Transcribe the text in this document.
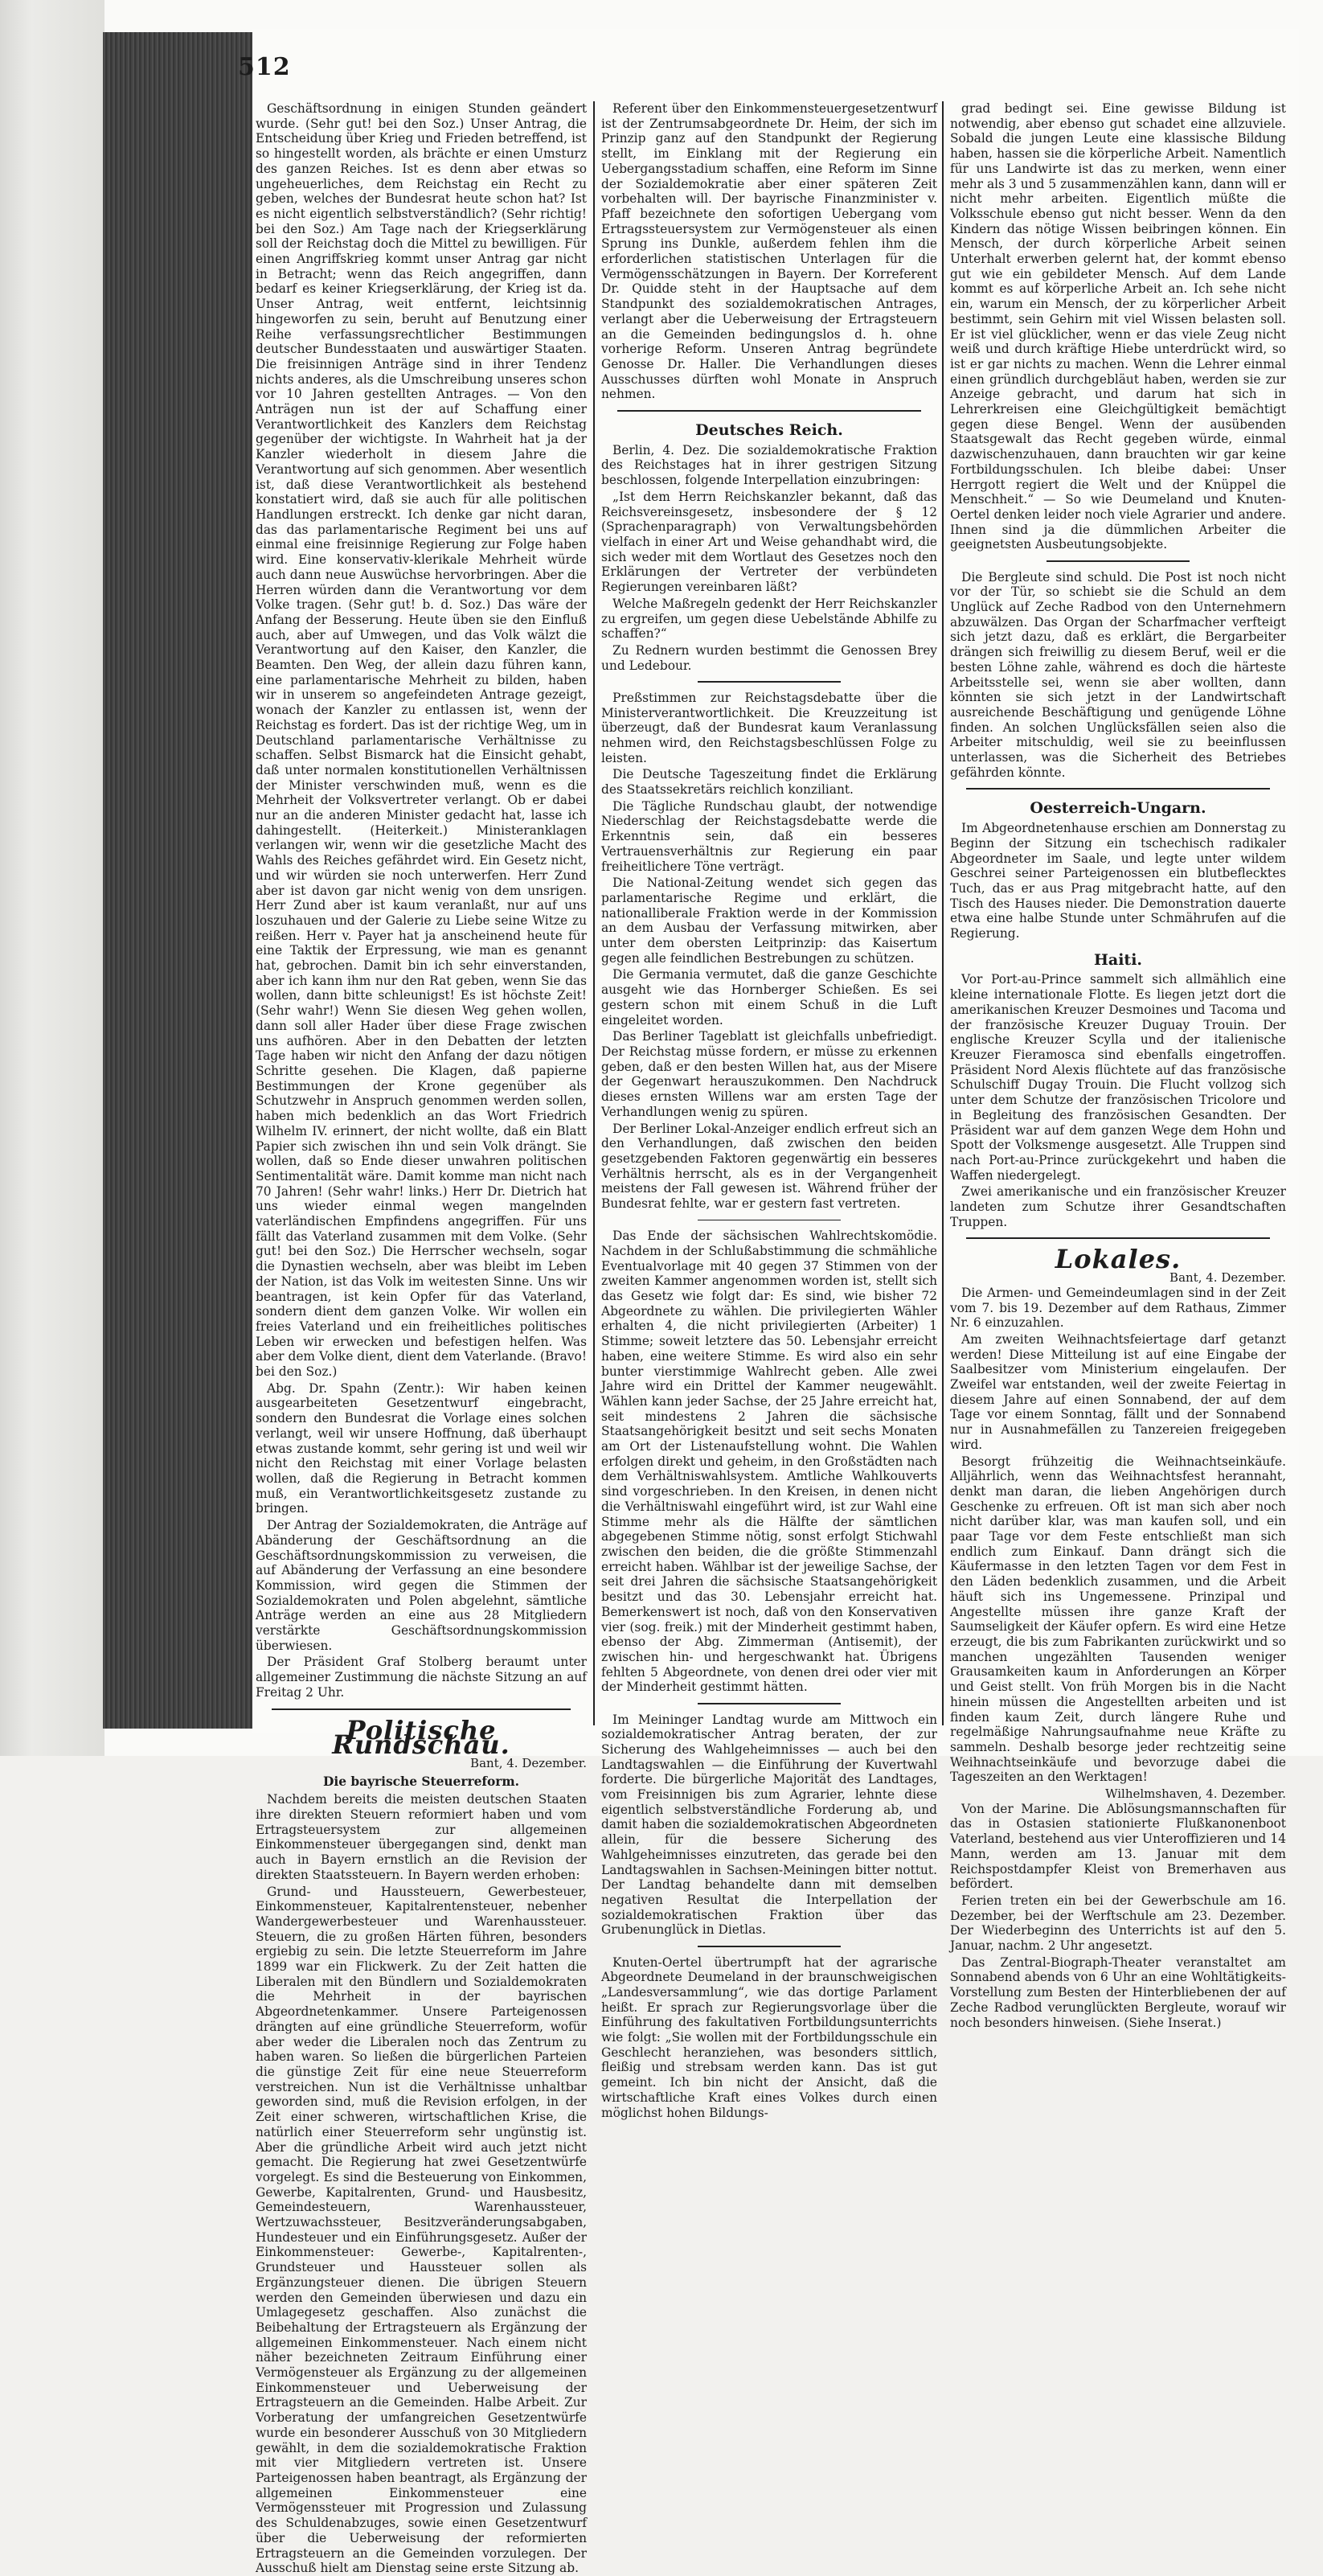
512

Geschäftsordnung in einigen Stunden geändert wurde. (Sehr gut! bei den Soz.) Unser Antrag, die Entscheidung über Krieg und Frieden betreffend, ist so hingestellt worden, als brächte er einen Umsturz des ganzen Reiches. Ist es denn aber etwas so ungeheuerliches, dem Reichstag ein Recht zu geben, welches der Bundesrat heute schon hat? Ist es nicht eigentlich selbstverständlich? (Sehr richtig! bei den Soz.) Am Tage nach der Kriegserklärung soll der Reichstag doch die Mittel zu bewilligen. Für einen Angriffskrieg kommt unser Antrag gar nicht in Betracht; wenn das Reich angegriffen, dann bedarf es keiner Kriegserklärung, der Krieg ist da. Unser Antrag, weit entfernt, leichtsinnig hingeworfen zu sein, beruht auf Benutzung einer Reihe verfassungsrechtlicher Bestimmungen deutscher Bundesstaaten und auswärtiger Staaten. Die freisinnigen Anträge sind in ihrer Tendenz nichts anderes, als die Umschreibung unseres schon vor 10 Jahren gestellten Antrages. — Von den Anträgen nun ist der auf Schaffung einer Verantwortlichkeit des Kanzlers dem Reichstag gegenüber der wichtigste. In Wahrheit hat ja der Kanzler wiederholt in diesem Jahre die Verantwortung auf sich genommen. Aber wesentlich ist, daß diese Verantwortlichkeit als bestehend konstatiert wird, daß sie auch für alle politischen Handlungen erstreckt. Ich denke gar nicht daran, das das parlamentarische Regiment bei uns auf einmal eine freisinnige Regierung zur Folge haben wird. Eine konservativ-klerikale Mehrheit würde auch dann neue Auswüchse hervorbringen. Aber die Herren würden dann die Verantwortung vor dem Volke tragen. (Sehr gut! b. d. Soz.) Das wäre der Anfang der Besserung. Heute üben sie den Einfluß auch, aber auf Umwegen, und das Volk wälzt die Verantwortung auf den Kaiser, den Kanzler, die Beamten. Den Weg, der allein dazu führen kann, eine parlamentarische Mehrheit zu bilden, haben wir in unserem so angefeindeten Antrage gezeigt, wonach der Kanzler zu entlassen ist, wenn der Reichstag es fordert. Das ist der richtige Weg, um in Deutschland parlamentarische Verhältnisse zu schaffen. Selbst Bismarck hat die Einsicht gehabt, daß unter normalen konstitutionellen Verhältnissen der Minister verschwinden muß, wenn es die Mehrheit der Volksvertreter verlangt. Ob er dabei nur an die anderen Minister gedacht hat, lasse ich dahingestellt. (Heiterkeit.) Ministeranklagen verlangen wir, wenn wir die gesetzliche Macht des Wahls des Reiches gefährdet wird. Ein Gesetz nicht, und wir würden sie noch unterwerfen. Herr Zund aber ist davon gar nicht wenig von dem unsrigen. Herr Zund aber ist kaum veranlaßt, nur auf uns loszuhauen und der Galerie zu Liebe seine Witze zu reißen. Herr v. Payer hat ja anscheinend heute für eine Taktik der Erpressung, wie man es genannt hat, gebrochen. Damit bin ich sehr einverstanden, aber ich kann ihm nur den Rat geben, wenn Sie das wollen, dann bitte schleunigst! Es ist höchste Zeit! (Sehr wahr!) Wenn Sie diesen Weg gehen wollen, dann soll aller Hader über diese Frage zwischen uns aufhören. Aber in den Debatten der letzten Tage haben wir nicht den Anfang der dazu nötigen Schritte gesehen. Die Klagen, daß papierne Bestimmungen der Krone gegenüber als Schutzwehr in Anspruch genommen werden sollen, haben mich bedenklich an das Wort Friedrich Wilhelm IV. erinnert, der nicht wollte, daß ein Blatt Papier sich zwischen ihn und sein Volk drängt. Sie wollen, daß so Ende dieser unwahren politischen Sentimentalität wäre. Damit komme man nicht nach 70 Jahren! (Sehr wahr! links.) Herr Dr. Dietrich hat uns wieder einmal wegen mangelnden vaterländischen Empfindens angegriffen. Für uns fällt das Vaterland zusammen mit dem Volke. (Sehr gut! bei den Soz.) Die Herrscher wechseln, sogar die Dynastien wechseln, aber was bleibt im Leben der Nation, ist das Volk im weitesten Sinne. Uns wir beantragen, ist kein Opfer für das Vaterland, sondern dient dem ganzen Volke. Wir wollen ein freies Vaterland und ein freiheitliches politisches Leben wir erwecken und befestigen helfen. Was aber dem Volke dient, dient dem Vaterlande. (Bravo! bei den Soz.)

Abg. Dr. Spahn (Zentr.): Wir haben keinen ausgearbeiteten Gesetzentwurf eingebracht, sondern den Bundesrat die Vorlage eines solchen verlangt, weil wir unsere Hoffnung, daß überhaupt etwas zustande kommt, sehr gering ist und weil wir nicht den Reichstag mit einer Vorlage belasten wollen, daß die Regierung in Betracht kommen muß, ein Verantwortlichkeitsgesetz zustande zu bringen.

Der Antrag der Sozialdemokraten, die Anträge auf Abänderung der Geschäftsordnung an die Geschäftsordnungskommission zu verweisen, die auf Abänderung der Verfassung an eine besondere Kommission, wird gegen die Stimmen der Sozialdemokraten und Polen abgelehnt, sämtliche Anträge werden an eine aus 28 Mitgliedern verstärkte Geschäftsordnungskommission überwiesen.

Der Präsident Graf Stolberg beraumt unter allgemeiner Zustimmung die nächste Sitzung an auf Freitag 2 Uhr.

Politische Rundschau.
Bant, 4. Dezember.
Die bayrische Steuerreform.

Nachdem bereits die meisten deutschen Staaten ihre direkten Steuern reformiert haben und vom Ertragsteuersystem zur allgemeinen Einkommensteuer übergegangen sind, denkt man auch in Bayern ernstlich an die Revision der direkten Staatssteuern. In Bayern werden erhoben:

Grund- und Haussteuern, Gewerbesteuer, Einkommensteuer, Kapitalrentensteuer, nebenher Wandergewerbesteuer und Warenhaussteuer. Steuern, die zu großen Härten führen, besonders ergiebig zu sein. Die letzte Steuerreform im Jahre 1899 war ein Flickwerk. Zu der Zeit hatten die Liberalen mit den Bündlern und Sozialdemokraten die Mehrheit in der bayrischen Abgeordnetenkammer. Unsere Parteigenossen drängten auf eine gründliche Steuerreform, wofür aber weder die Liberalen noch das Zentrum zu haben waren. So ließen die bürgerlichen Parteien die günstige Zeit für eine neue Steuerreform verstreichen. Nun ist die Verhältnisse unhaltbar geworden sind, muß die Revision erfolgen, in der Zeit einer schweren, wirtschaftlichen Krise, die natürlich einer Steuerreform sehr ungünstig ist. Aber die gründliche Arbeit wird auch jetzt nicht gemacht. Die Regierung hat zwei Gesetzentwürfe vorgelegt. Es sind die Besteuerung von Einkommen, Gewerbe, Kapitalrenten, Grund- und Hausbesitz, Gemeindesteuern, Warenhaussteuer, Wertzuwachssteuer, Besitzveränderungsabgaben, Hundesteuer und ein Einführungsgesetz. Außer der Einkommensteuer: Gewerbe-, Kapitalrenten-, Grundsteuer und Haussteuer sollen als Ergänzungsteuer dienen. Die übrigen Steuern werden den Gemeinden überwiesen und dazu ein Umlagegesetz geschaffen. Also zunächst die Beibehaltung der Ertragsteuern als Ergänzung der allgemeinen Einkommensteuer. Nach einem nicht näher bezeichneten Zeitraum Einführung einer Vermögensteuer als Ergänzung zu der allgemeinen Einkommensteuer und Ueberweisung der Ertragsteuern an die Gemeinden. Halbe Arbeit. Zur Vorberatung der umfangreichen Gesetzentwürfe wurde ein besonderer Ausschuß von 30 Mitgliedern gewählt, in dem die sozialdemokratische Fraktion mit vier Mitgliedern vertreten ist. Unsere Parteigenossen haben beantragt, als Ergänzung der allgemeinen Einkommensteuer eine Vermögenssteuer mit Progression und Zulassung des Schuldenabzuges, sowie einen Gesetzentwurf über die Ueberweisung der reformierten Ertragsteuern an die Gemeinden vorzulegen. Der Ausschuß hielt am Dienstag seine erste Sitzung ab.

Referent über den Einkommensteuergesetzentwurf ist der Zentrumsabgeordnete Dr. Heim, der sich im Prinzip ganz auf den Standpunkt der Regierung stellt, im Einklang mit der Regierung ein Uebergangsstadium schaffen, eine Reform im Sinne der Sozialdemokratie aber einer späteren Zeit vorbehalten will. Der bayrische Finanzminister v. Pfaff bezeichnete den sofortigen Uebergang vom Ertragssteuersystem zur Vermögensteuer als einen Sprung ins Dunkle, außerdem fehlen ihm die erforderlichen statistischen Unterlagen für die Vermögensschätzungen in Bayern. Der Korreferent Dr. Quidde steht in der Hauptsache auf dem Standpunkt des sozialdemokratischen Antrages, verlangt aber die Ueberweisung der Ertragsteuern an die Gemeinden bedingungslos d. h. ohne vorherige Reform. Unseren Antrag begründete Genosse Dr. Haller. Die Verhandlungen dieses Ausschusses dürften wohl Monate in Anspruch nehmen.

Deutsches Reich.

Berlin, 4. Dez. Die sozialdemokratische Fraktion des Reichstages hat in ihrer gestrigen Sitzung beschlossen, folgende Interpellation einzubringen:

„Ist dem Herrn Reichskanzler bekannt, daß das Reichsvereinsgesetz, insbesondere der § 12 (Sprachenparagraph) von Verwaltungsbehörden vielfach in einer Art und Weise gehandhabt wird, die sich weder mit dem Wortlaut des Gesetzes noch den Erklärungen der Vertreter der verbündeten Regierungen vereinbaren läßt?

Welche Maßregeln gedenkt der Herr Reichskanzler zu ergreifen, um gegen diese Uebelstände Abhilfe zu schaffen?“

Zu Rednern wurden bestimmt die Genossen Brey und Ledebour.

Preßstimmen zur Reichstagsdebatte über die Ministerverantwortlichkeit. Die Kreuzzeitung ist überzeugt, daß der Bundesrat kaum Veranlassung nehmen wird, den Reichstagsbeschlüssen Folge zu leisten.

Die Deutsche Tageszeitung findet die Erklärung des Staatssekretärs reichlich konziliant.

Die Tägliche Rundschau glaubt, der notwendige Niederschlag der Reichstagsdebatte werde die Erkenntnis sein, daß ein besseres Vertrauensverhältnis zur Regierung ein paar freiheitlichere Töne verträgt.

Die National-Zeitung wendet sich gegen das parlamentarische Regime und erklärt, die nationalliberale Fraktion werde in der Kommission an dem Ausbau der Verfassung mitwirken, aber unter dem obersten Leitprinzip: das Kaisertum gegen alle feindlichen Bestrebungen zu schützen.

Die Germania vermutet, daß die ganze Geschichte ausgeht wie das Hornberger Schießen. Es sei gestern schon mit einem Schuß in die Luft eingeleitet worden.

Das Berliner Tageblatt ist gleichfalls unbefriedigt. Der Reichstag müsse fordern, er müsse zu erkennen geben, daß er den besten Willen hat, aus der Misere der Gegenwart herauszukommen. Den Nachdruck dieses ernsten Willens war am ersten Tage der Verhandlungen wenig zu spüren.

Der Berliner Lokal-Anzeiger endlich erfreut sich an den Verhandlungen, daß zwischen den beiden gesetzgebenden Faktoren gegenwärtig ein besseres Verhältnis herrscht, als es in der Vergangenheit meistens der Fall gewesen ist. Während früher der Bundesrat fehlte, war er gestern fast vertreten.

Das Ende der sächsischen Wahlrechtskomödie. Nachdem in der Schlußabstimmung die schmähliche Eventualvorlage mit 40 gegen 37 Stimmen von der zweiten Kammer angenommen worden ist, stellt sich das Gesetz wie folgt dar: Es sind, wie bisher 72 Abgeordnete zu wählen. Die privilegierten Wähler erhalten 4, die nicht privilegierten (Arbeiter) 1 Stimme; soweit letztere das 50. Lebensjahr erreicht haben, eine weitere Stimme. Es wird also ein sehr bunter vierstimmige Wahlrecht geben. Alle zwei Jahre wird ein Drittel der Kammer neugewählt. Wählen kann jeder Sachse, der 25 Jahre erreicht hat, seit mindestens 2 Jahren die sächsische Staatsangehörigkeit besitzt und seit sechs Monaten am Ort der Listenaufstellung wohnt. Die Wahlen erfolgen direkt und geheim, in den Großstädten nach dem Verhältniswahlsystem. Amtliche Wahlkouverts sind vorgeschrieben. In den Kreisen, in denen nicht die Verhältniswahl eingeführt wird, ist zur Wahl eine Stimme mehr als die Hälfte der sämtlichen abgegebenen Stimme nötig, sonst erfolgt Stichwahl zwischen den beiden, die die größte Stimmenzahl erreicht haben. Wählbar ist der jeweilige Sachse, der seit drei Jahren die sächsische Staatsangehörigkeit besitzt und das 30. Lebensjahr erreicht hat. Bemerkenswert ist noch, daß von den Konservativen vier (sog. freik.) mit der Minderheit gestimmt haben, ebenso der Abg. Zimmerman (Antisemit), der zwischen hin- und hergeschwankt hat. Übrigens fehlten 5 Abgeordnete, von denen drei oder vier mit der Minderheit gestimmt hätten.

Im Meininger Landtag wurde am Mittwoch ein sozialdemokratischer Antrag beraten, der zur Sicherung des Wahlgeheimnisses — auch bei den Landtagswahlen — die Einführung der Kuvertwahl forderte. Die bürgerliche Majorität des Landtages, vom Freisinnigen bis zum Agrarier, lehnte diese eigentlich selbstverständliche Forderung ab, und damit haben die sozialdemokratischen Abgeordneten allein, für die bessere Sicherung des Wahlgeheimnisses einzutreten, das gerade bei den Landtagswahlen in Sachsen-Meiningen bitter nottut. Der Landtag behandelte dann mit demselben negativen Resultat die Interpellation der sozialdemokratischen Fraktion über das Grubenunglück in Dietlas.

Knuten-Oertel übertrumpft hat der agrarische Abgeordnete Deumeland in der braunschweigischen „Landesversammlung“, wie das dortige Parlament heißt. Er sprach zur Regierungsvorlage über die Einführung des fakultativen Fortbildungsunterrichts wie folgt: „Sie wollen mit der Fortbildungsschule ein Geschlecht heranziehen, was besonders sittlich, fleißig und strebsam werden kann. Das ist gut gemeint. Ich bin nicht der Ansicht, daß die wirtschaftliche Kraft eines Volkes durch einen möglichst hohen Bildungs-

grad bedingt sei. Eine gewisse Bildung ist notwendig, aber ebenso gut schadet eine allzuviele. Sobald die jungen Leute eine klassische Bildung haben, hassen sie die körperliche Arbeit. Namentlich für uns Landwirte ist das zu merken, wenn einer mehr als 3 und 5 zusammenzählen kann, dann will er nicht mehr arbeiten. Eigentlich müßte die Volksschule ebenso gut nicht besser. Wenn da den Kindern das nötige Wissen beibringen können. Ein Mensch, der durch körperliche Arbeit seinen Unterhalt erwerben gelernt hat, der kommt ebenso gut wie ein gebildeter Mensch. Auf dem Lande kommt es auf körperliche Arbeit an. Ich sehe nicht ein, warum ein Mensch, der zu körperlicher Arbeit bestimmt, sein Gehirn mit viel Wissen belasten soll. Er ist viel glücklicher, wenn er das viele Zeug nicht weiß und durch kräftige Hiebe unterdrückt wird, so ist er gar nichts zu machen. Wenn die Lehrer einmal einen gründlich durchgebläut haben, werden sie zur Anzeige gebracht, und darum hat sich in Lehrerkreisen eine Gleichgültigkeit bemächtigt gegen diese Bengel. Wenn der ausübenden Staatsgewalt das Recht gegeben würde, einmal dazwischenzuhauen, dann brauchten wir gar keine Fortbildungsschulen. Ich bleibe dabei: Unser Herrgott regiert die Welt und der Knüppel die Menschheit.“ — So wie Deumeland und Knuten-Oertel denken leider noch viele Agrarier und andere. Ihnen sind ja die dümmlichen Arbeiter die geeignetsten Ausbeutungsobjekte.

Die Bergleute sind schuld. Die Post ist noch nicht vor der Tür, so schiebt sie die Schuld an dem Unglück auf Zeche Radbod von den Unternehmern abzuwälzen. Das Organ der Scharfmacher verfteigt sich jetzt dazu, daß es erklärt, die Bergarbeiter drängen sich freiwillig zu diesem Beruf, weil er die besten Löhne zahle, während es doch die härteste Arbeitsstelle sei, wenn sie aber wollten, dann könnten sie sich jetzt in der Landwirtschaft ausreichende Beschäftigung und genügende Löhne finden. An solchen Unglücksfällen seien also die Arbeiter mitschuldig, weil sie zu beeinflussen unterlassen, was die Sicherheit des Betriebes gefährden könnte.

Oesterreich-Ungarn.

Im Abgeordnetenhause erschien am Donnerstag zu Beginn der Sitzung ein tschechisch radikaler Abgeordneter im Saale, und legte unter wildem Geschrei seiner Parteigenossen ein blutbeflecktes Tuch, das er aus Prag mitgebracht hatte, auf den Tisch des Hauses nieder. Die Demonstration dauerte etwa eine halbe Stunde unter Schmährufen auf die Regierung.

Haiti.

Vor Port-au-Prince sammelt sich allmählich eine kleine internationale Flotte. Es liegen jetzt dort die amerikanischen Kreuzer Desmoines und Tacoma und der französische Kreuzer Duguay Trouin. Der englische Kreuzer Scylla und der italienische Kreuzer Fieramosca sind ebenfalls eingetroffen. Präsident Nord Alexis flüchtete auf das französische Schulschiff Dugay Trouin. Die Flucht vollzog sich unter dem Schutze der französischen Tricolore und in Begleitung des französischen Gesandten. Der Präsident war auf dem ganzen Wege dem Hohn und Spott der Volksmenge ausgesetzt. Alle Truppen sind nach Port-au-Prince zurückgekehrt und haben die Waffen niedergelegt.

Zwei amerikanische und ein französischer Kreuzer landeten zum Schutze ihrer Gesandtschaften Truppen.

Lokales.
Bant, 4. Dezember.

Die Armen- und Gemeindeumlagen sind in der Zeit vom 7. bis 19. Dezember auf dem Rathaus, Zimmer Nr. 6 einzuzahlen.

Am zweiten Weihnachtsfeiertage darf getanzt werden! Diese Mitteilung ist auf eine Eingabe der Saalbesitzer vom Ministerium eingelaufen. Der Zweifel war entstanden, weil der zweite Feiertag in diesem Jahre auf einen Sonnabend, der auf dem Tage vor einem Sonntag, fällt und der Sonnabend nur in Ausnahmefällen zu Tanzereien freigegeben wird.

Besorgt frühzeitig die Weihnachtseinkäufe. Alljährlich, wenn das Weihnachtsfest herannaht, denkt man daran, die lieben Angehörigen durch Geschenke zu erfreuen. Oft ist man sich aber noch nicht darüber klar, was man kaufen soll, und ein paar Tage vor dem Feste entschließt man sich endlich zum Einkauf. Dann drängt sich die Käufermasse in den letzten Tagen vor dem Fest in den Läden bedenklich zusammen, und die Arbeit häuft sich ins Ungemessene. Prinzipal und Angestellte müssen ihre ganze Kraft der Saumseligkeit der Käufer opfern. Es wird eine Hetze erzeugt, die bis zum Fabrikanten zurückwirkt und so manchen ungezählten Tausenden weniger Grausamkeiten kaum in Anforderungen an Körper und Geist stellt. Von früh Morgen bis in die Nacht hinein müssen die Angestellten arbeiten und ist finden kaum Zeit, durch längere Ruhe und regelmäßige Nahrungsaufnahme neue Kräfte zu sammeln. Deshalb besorge jeder rechtzeitig seine Weihnachtseinkäufe und bevorzuge dabei die Tageszeiten an den Werktagen!

Wilhelmshaven, 4. Dezember.

Von der Marine. Die Ablösungsmannschaften für das in Ostasien stationierte Flußkanonenboot Vaterland, bestehend aus vier Unteroffizieren und 14 Mann, werden am 13. Januar mit dem Reichspostdampfer Kleist von Bremerhaven aus befördert.

Ferien treten ein bei der Gewerbschule am 16. Dezember, bei der Werftschule am 23. Dezember. Der Wiederbeginn des Unterrichts ist auf den 5. Januar, nachm. 2 Uhr angesetzt.

Das Zentral-Biograph-Theater veranstaltet am Sonnabend abends von 6 Uhr an eine Wohltätigkeits-Vorstellung zum Besten der Hinterbliebenen der auf Zeche Radbod verunglückten Bergleute, worauf wir noch besonders hinweisen. (Siehe Inserat.)
